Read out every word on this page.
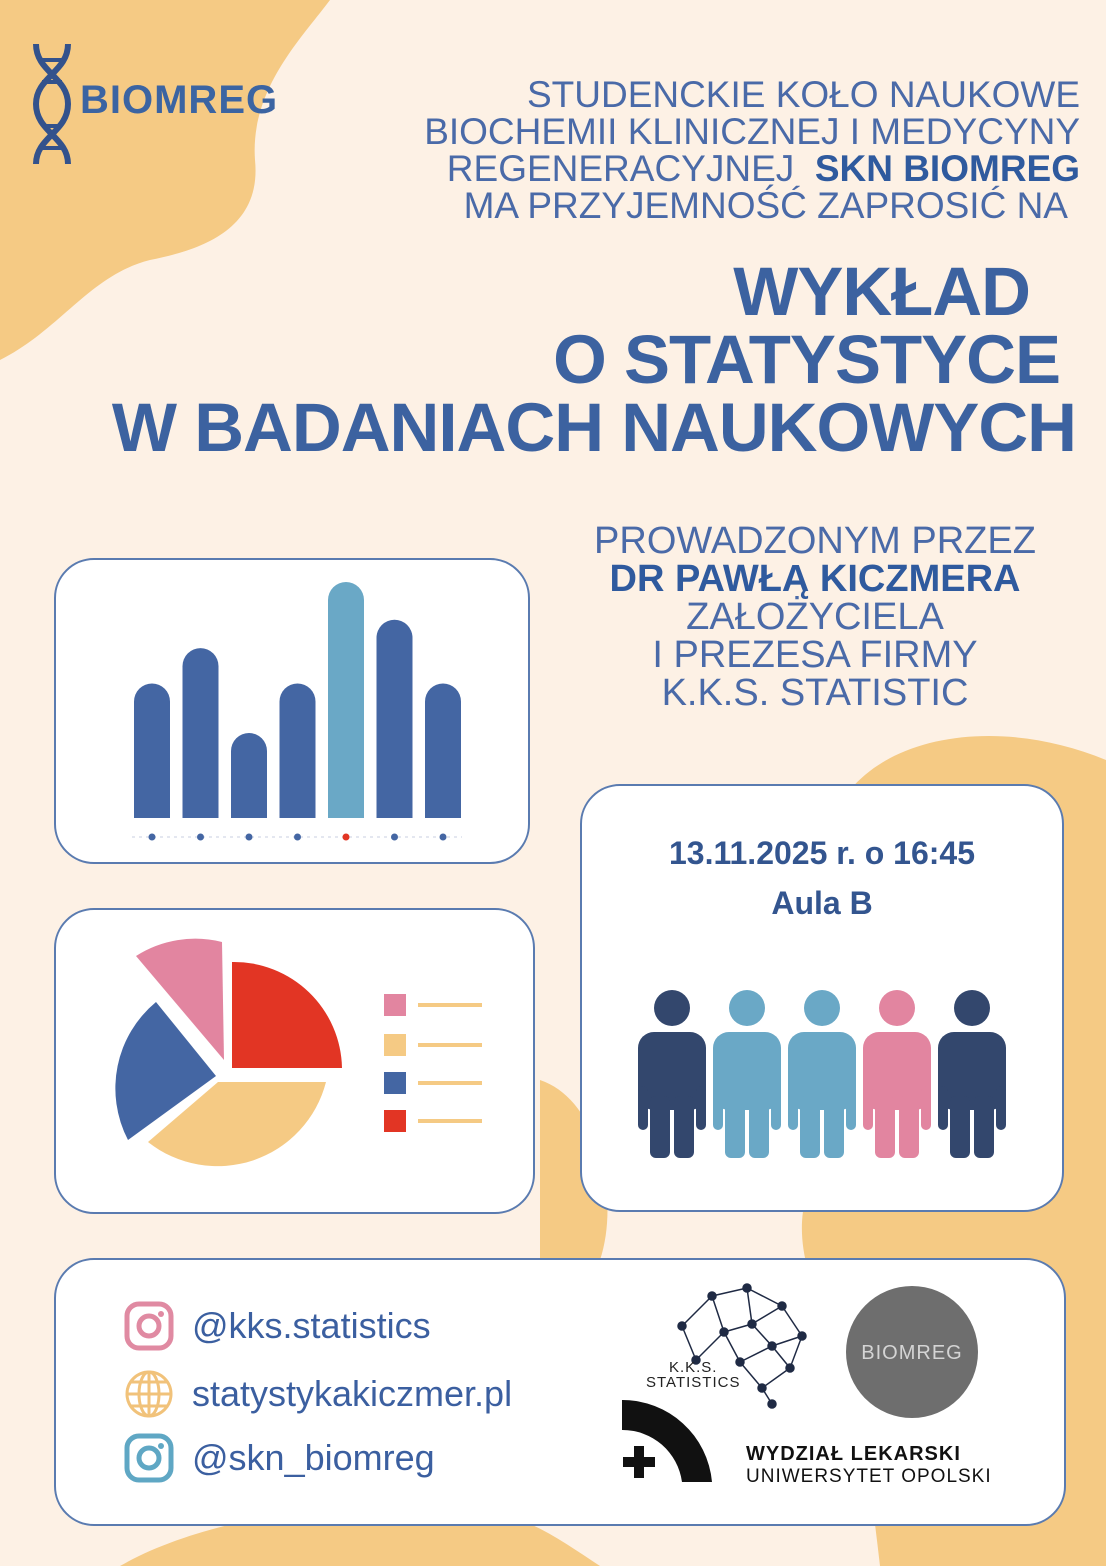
BIOMREG	STUDENCKIE KOŁO NAUKOWE
BIOCHEMII KLINICZNEJ I MEDYCYNY
REGENERACYJNEJ SKN BIOMREG
MA PRZYJEMNOŚĆ ZAPROSIĆ NA
WYKŁAD
O STATYSTYCE
W BADANIACH NAUKOWYCH
PROWADZONYM PRZEZ
DR PAWŁĄ KICZMERA
ZAŁOŻYCIELA
I PREZESA FIRMY
K.K.S. STATISTIC
13.11.2025 r. o 16:45
Aula B
@kks.statistics
statystykakiczmer.pl
@skn_biomreg
K.K.S.
STATISTICS
BIOMREG
WYDZIAŁ LEKARSKI
UNIWERSYTET OPOLSKI
